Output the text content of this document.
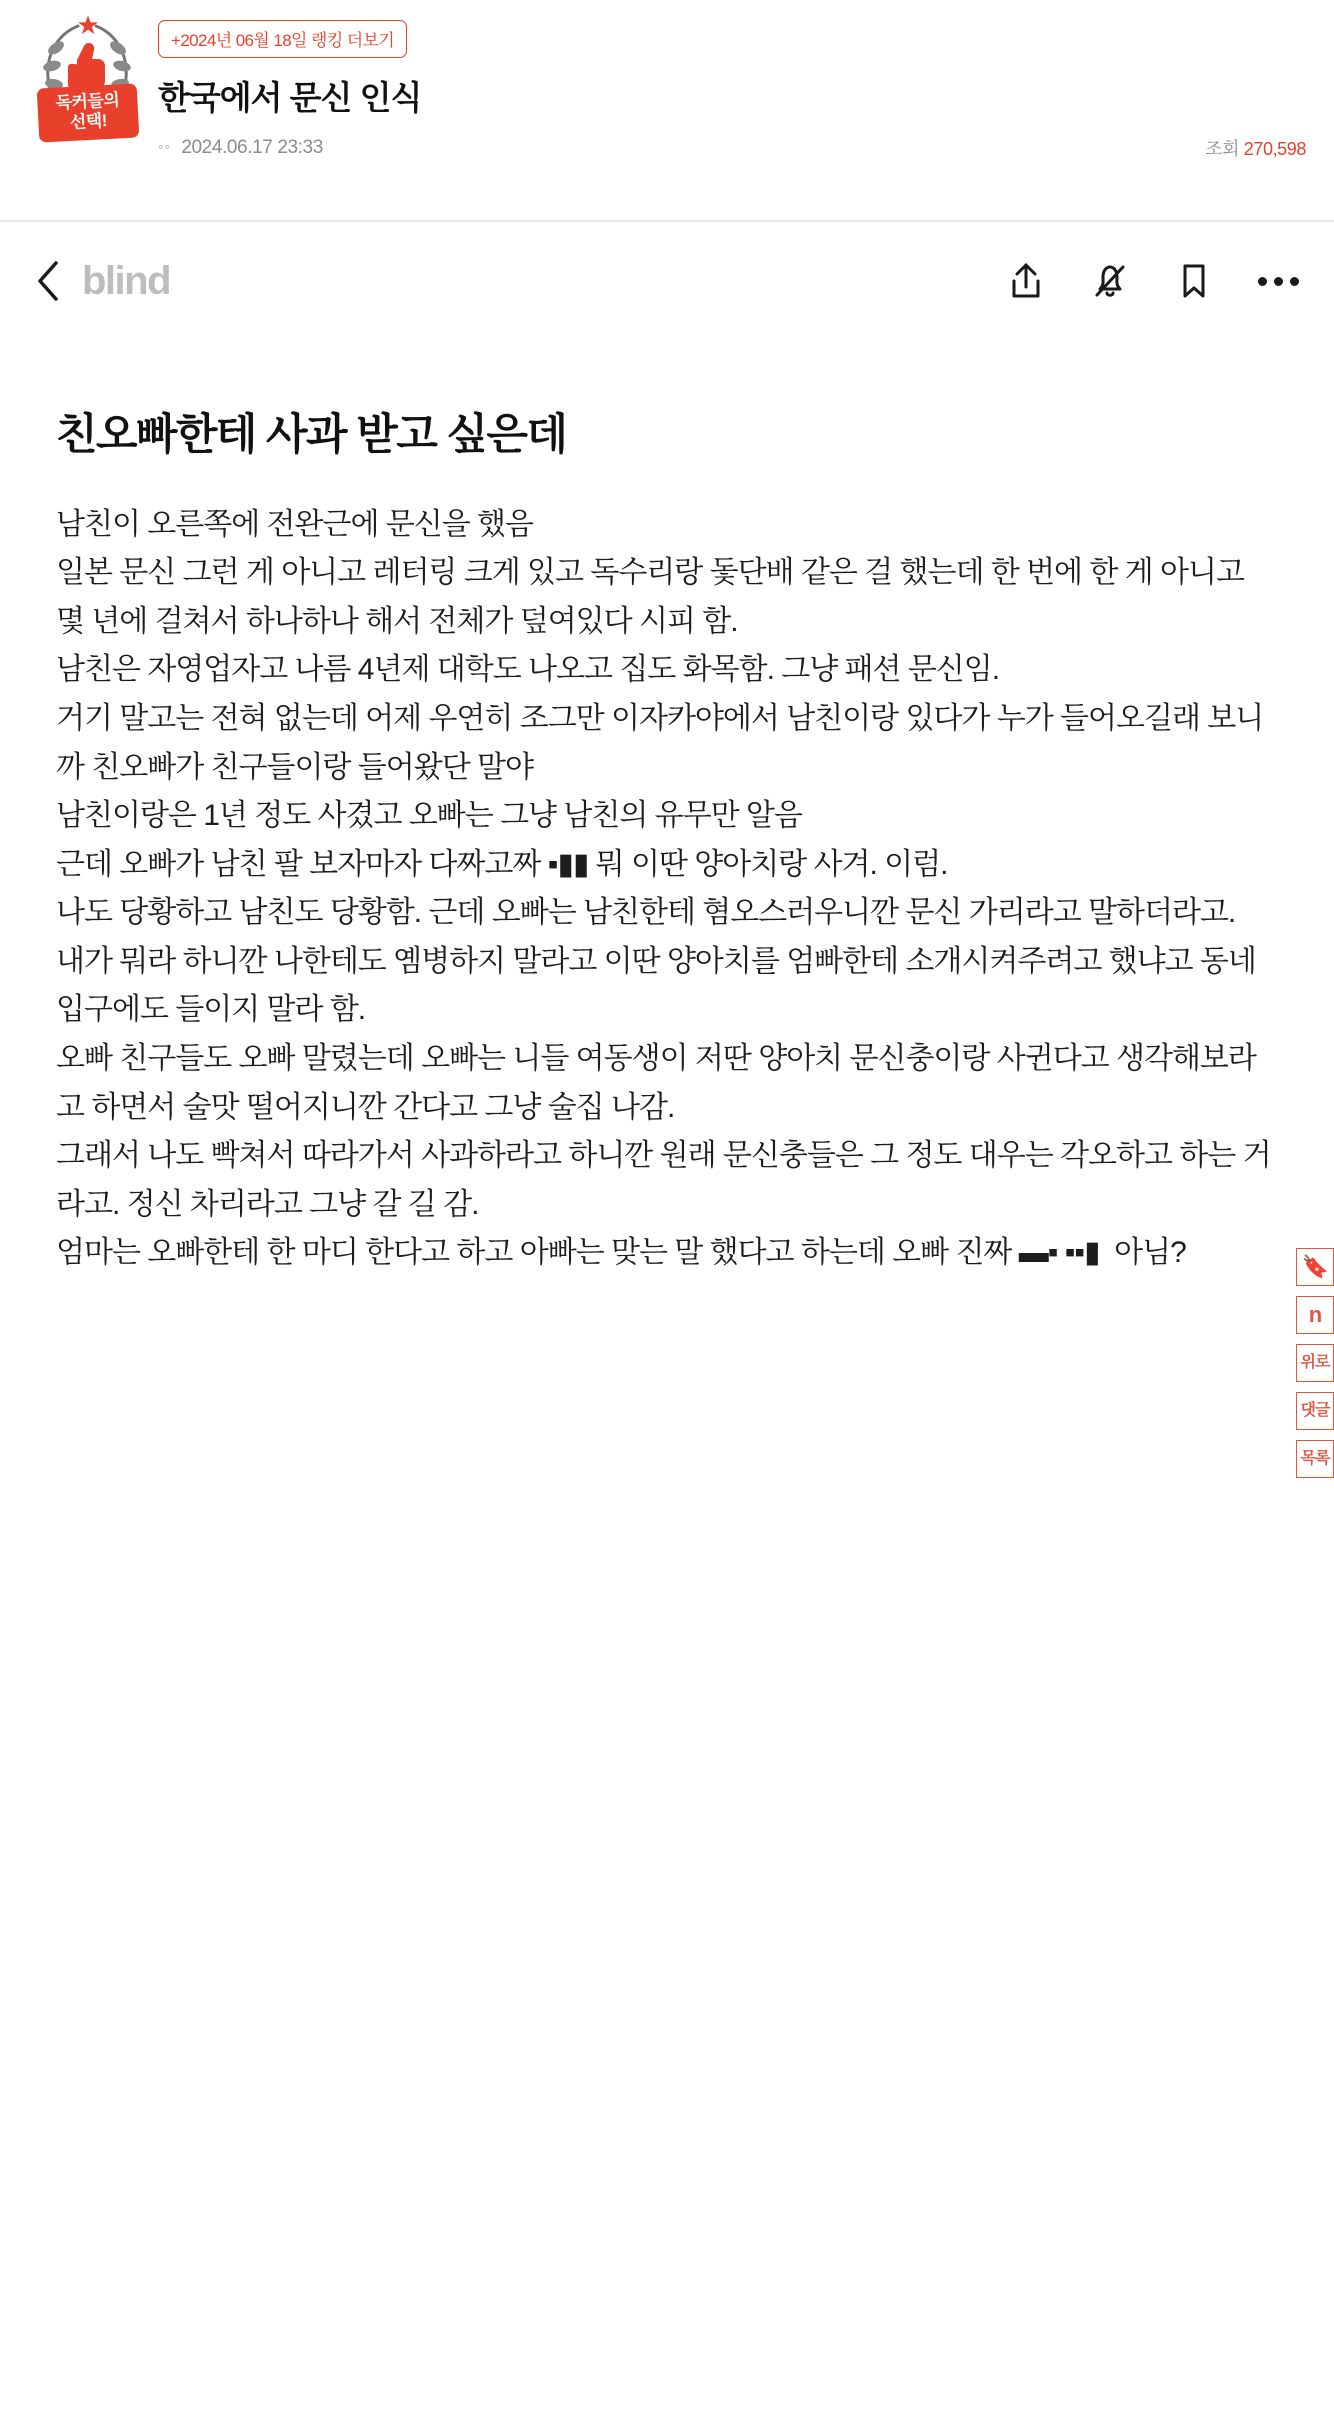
★
독커들의
선택!
+2024년 06월 18일 랭킹 더보기
한국에서 문신 인식
◦◦ 2024.06.17 23:33	조회 270,598
blind
친오빠한테 사과 받고 싶은데

남친이 오른쪽에 전완근에 문신을 했음

일본 문신 그런 게 아니고 레터링 크게 있고 독수리랑 돛단배 같은 걸 했는데 한 번에 한 게 아니고 몇 년에 걸쳐서 하나하나 해서 전체가 덮여있다 시피 함.

남친은 자영업자고 나름 4년제 대학도 나오고 집도 화목함. 그냥 패션 문신임.

거기 말고는 전혀 없는데 어제 우연히 조그만 이자카야에서 남친이랑 있다가 누가 들어오길래 보니까 친오빠가 친구들이랑 들어왔단 말야

남친이랑은 1년 정도 사겼고 오빠는 그냥 남친의 유무만 알음

근데 오빠가 남친 팔 보자마자 다짜고짜 ▪▮▮ 뭐 이딴 양아치랑 사겨. 이럼.

나도 당황하고 남친도 당황함. 근데 오빠는 남친한테 혐오스러우니깐 문신 가리라고 말하더라고.

내가 뭐라 하니깐 나한테도 옘병하지 말라고 이딴 양아치를 엄빠한테 소개시켜주려고 했냐고 동네 입구에도 들이지 말라 함.

오빠 친구들도 오빠 말렸는데 오빠는 니들 여동생이 저딴 양아치 문신충이랑 사귄다고 생각해보라고 하면서 술맛 떨어지니깐 간다고 그냥 술집 나감.

그래서 나도 빡쳐서 따라가서 사과하라고 하니깐 원래 문신충들은 그 정도 대우는 각오하고 하는 거라고. 정신 차리라고 그냥 갈 길 감.

엄마는 오빠한테 한 마디 한다고 하고 아빠는 맞는 말 했다고 하는데 오빠 진짜 ▬▪ ▪▪▮  아님?	🔖
n
위로
댓글
목록
